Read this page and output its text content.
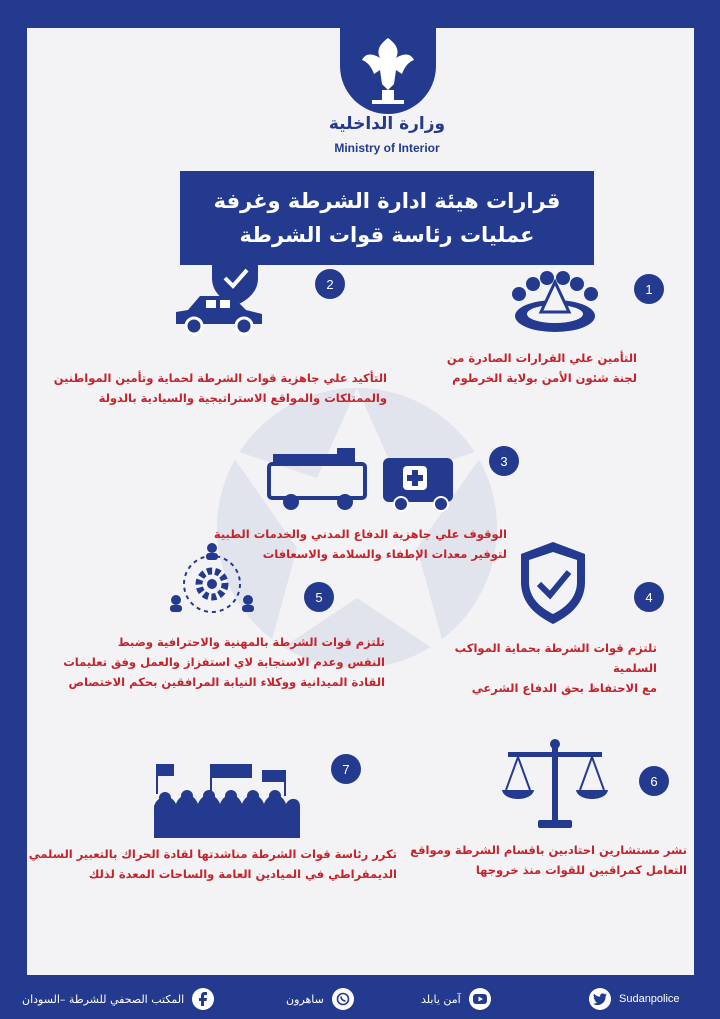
وزارة الداخلية
Ministry of Interior
قرارات هيئة ادارة الشرطة وغرفة
عمليات رئاسة قوات الشرطة
1
التأمين علي القرارات الصادرة من
لجنة شئون الأمن بولاية الخرطوم
2
التأكيد علي جاهزية قوات الشرطة لحماية وتأمين المواطنين
والممتلكات والمواقع الاستراتيجية والسيادية بالدولة
3
الوقوف علي جاهزية الدفاع المدني والخدمات الطبية
لتوفير معدات الإطفاء والسلامة والاسعافات
4
تلتزم قوات الشرطة بحماية المواكب السلمية
مع الاحتفاظ بحق الدفاع الشرعي
5
تلتزم قوات الشرطة بالمهنية والاحترافية وضبط
النفس وعدم الاستجابة لاي استفزاز والعمل وفق تعليمات
القادة الميدانية ووكلاء النيابة المرافقين بحكم الاختصاص
6
نشر مستشارين احتادبين باقسام الشرطة ومواقع
التعامل كمراقبين للقوات منذ خروجها
7
تكرر رئاسة قوات الشرطة مناشدتها لقادة الحراك بالتعبير السلمي
الديمقراطي في الميادين العامة والساحات المعدة لذلك
المكتب الصحفي للشرطة –السودان	ساهرون	آمن يابلد	Sudanpolice
